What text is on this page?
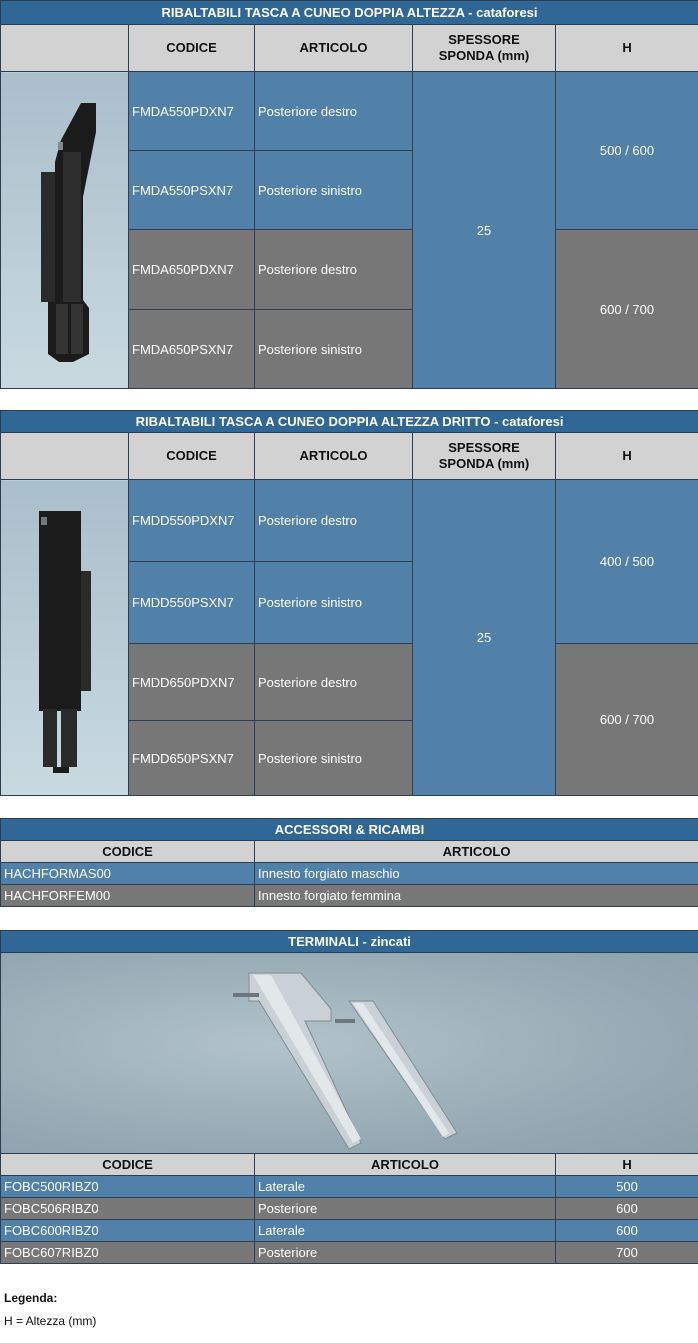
RIBALTABILI TASCA A CUNEO DOPPIA ALTEZZA - cataforesi				
	CODICE	ARTICOLO	SPESSORE
SPONDA (mm)	H

	FMDA550PDXN7	Posteriore destro	25	500 / 600
	FMDA550PSXN7	Posteriore sinistro		
	FMDA650PDXN7	Posteriore destro		600 / 700
	FMDA650PSXN7	Posteriore sinistro		
RIBALTABILI TASCA A CUNEO DOPPIA ALTEZZA DRITTO - cataforesi				
	CODICE	ARTICOLO	SPESSORE
SPONDA (mm)	H

	FMDD550PDXN7	Posteriore destro	25	400 / 500
	FMDD550PSXN7	Posteriore sinistro		
	FMDD650PDXN7	Posteriore destro		600 / 700
	FMDD650PSXN7	Posteriore sinistro		
ACCESSORI & RICAMBI	
CODICE	ARTICOLO
HACHFORMAS00	Innesto forgiato maschio
HACHFORFEM00	Innesto forgiato femmina
TERMINALI - zincati		

CODICE	ARTICOLO	H
FOBC500RIBZ0	Laterale	500
FOBC506RIBZ0	Posteriore	600
FOBC600RIBZ0	Laterale	600
FOBC607RIBZ0	Posteriore	700
Legenda:
H = Altezza (mm)
